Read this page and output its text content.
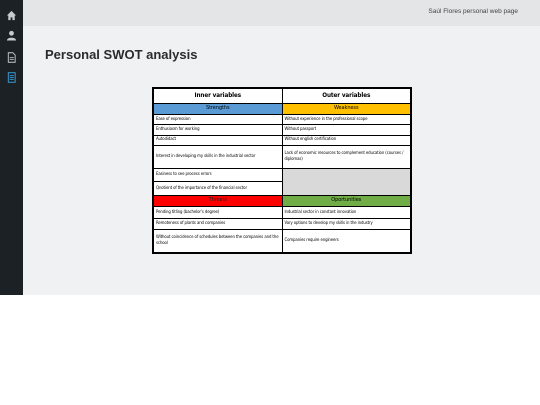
Saúl Flores personal web page
Personal SWOT analysis
Inner variables	Outer variables
Strengths	Weakness
Ease of expression	Without experience in the professional scope
Enthusiasm for working	Without passport
Autodidact	Without english certification
Interest in developing my skills in the industrial sector	Lack of economic resources to complement education (courses / diplomas)
Easiness to see process errors	
Qnotient of the importance of the financial sector	
Threats	Oportunities
Pending titling (bachelor's degree)	Industrial sector in constant innovation
Remoteness of plants and companies	Vary options to develop my skills in the industry
Without coincidence of schedules between the companies and the school	Companies require engineers
